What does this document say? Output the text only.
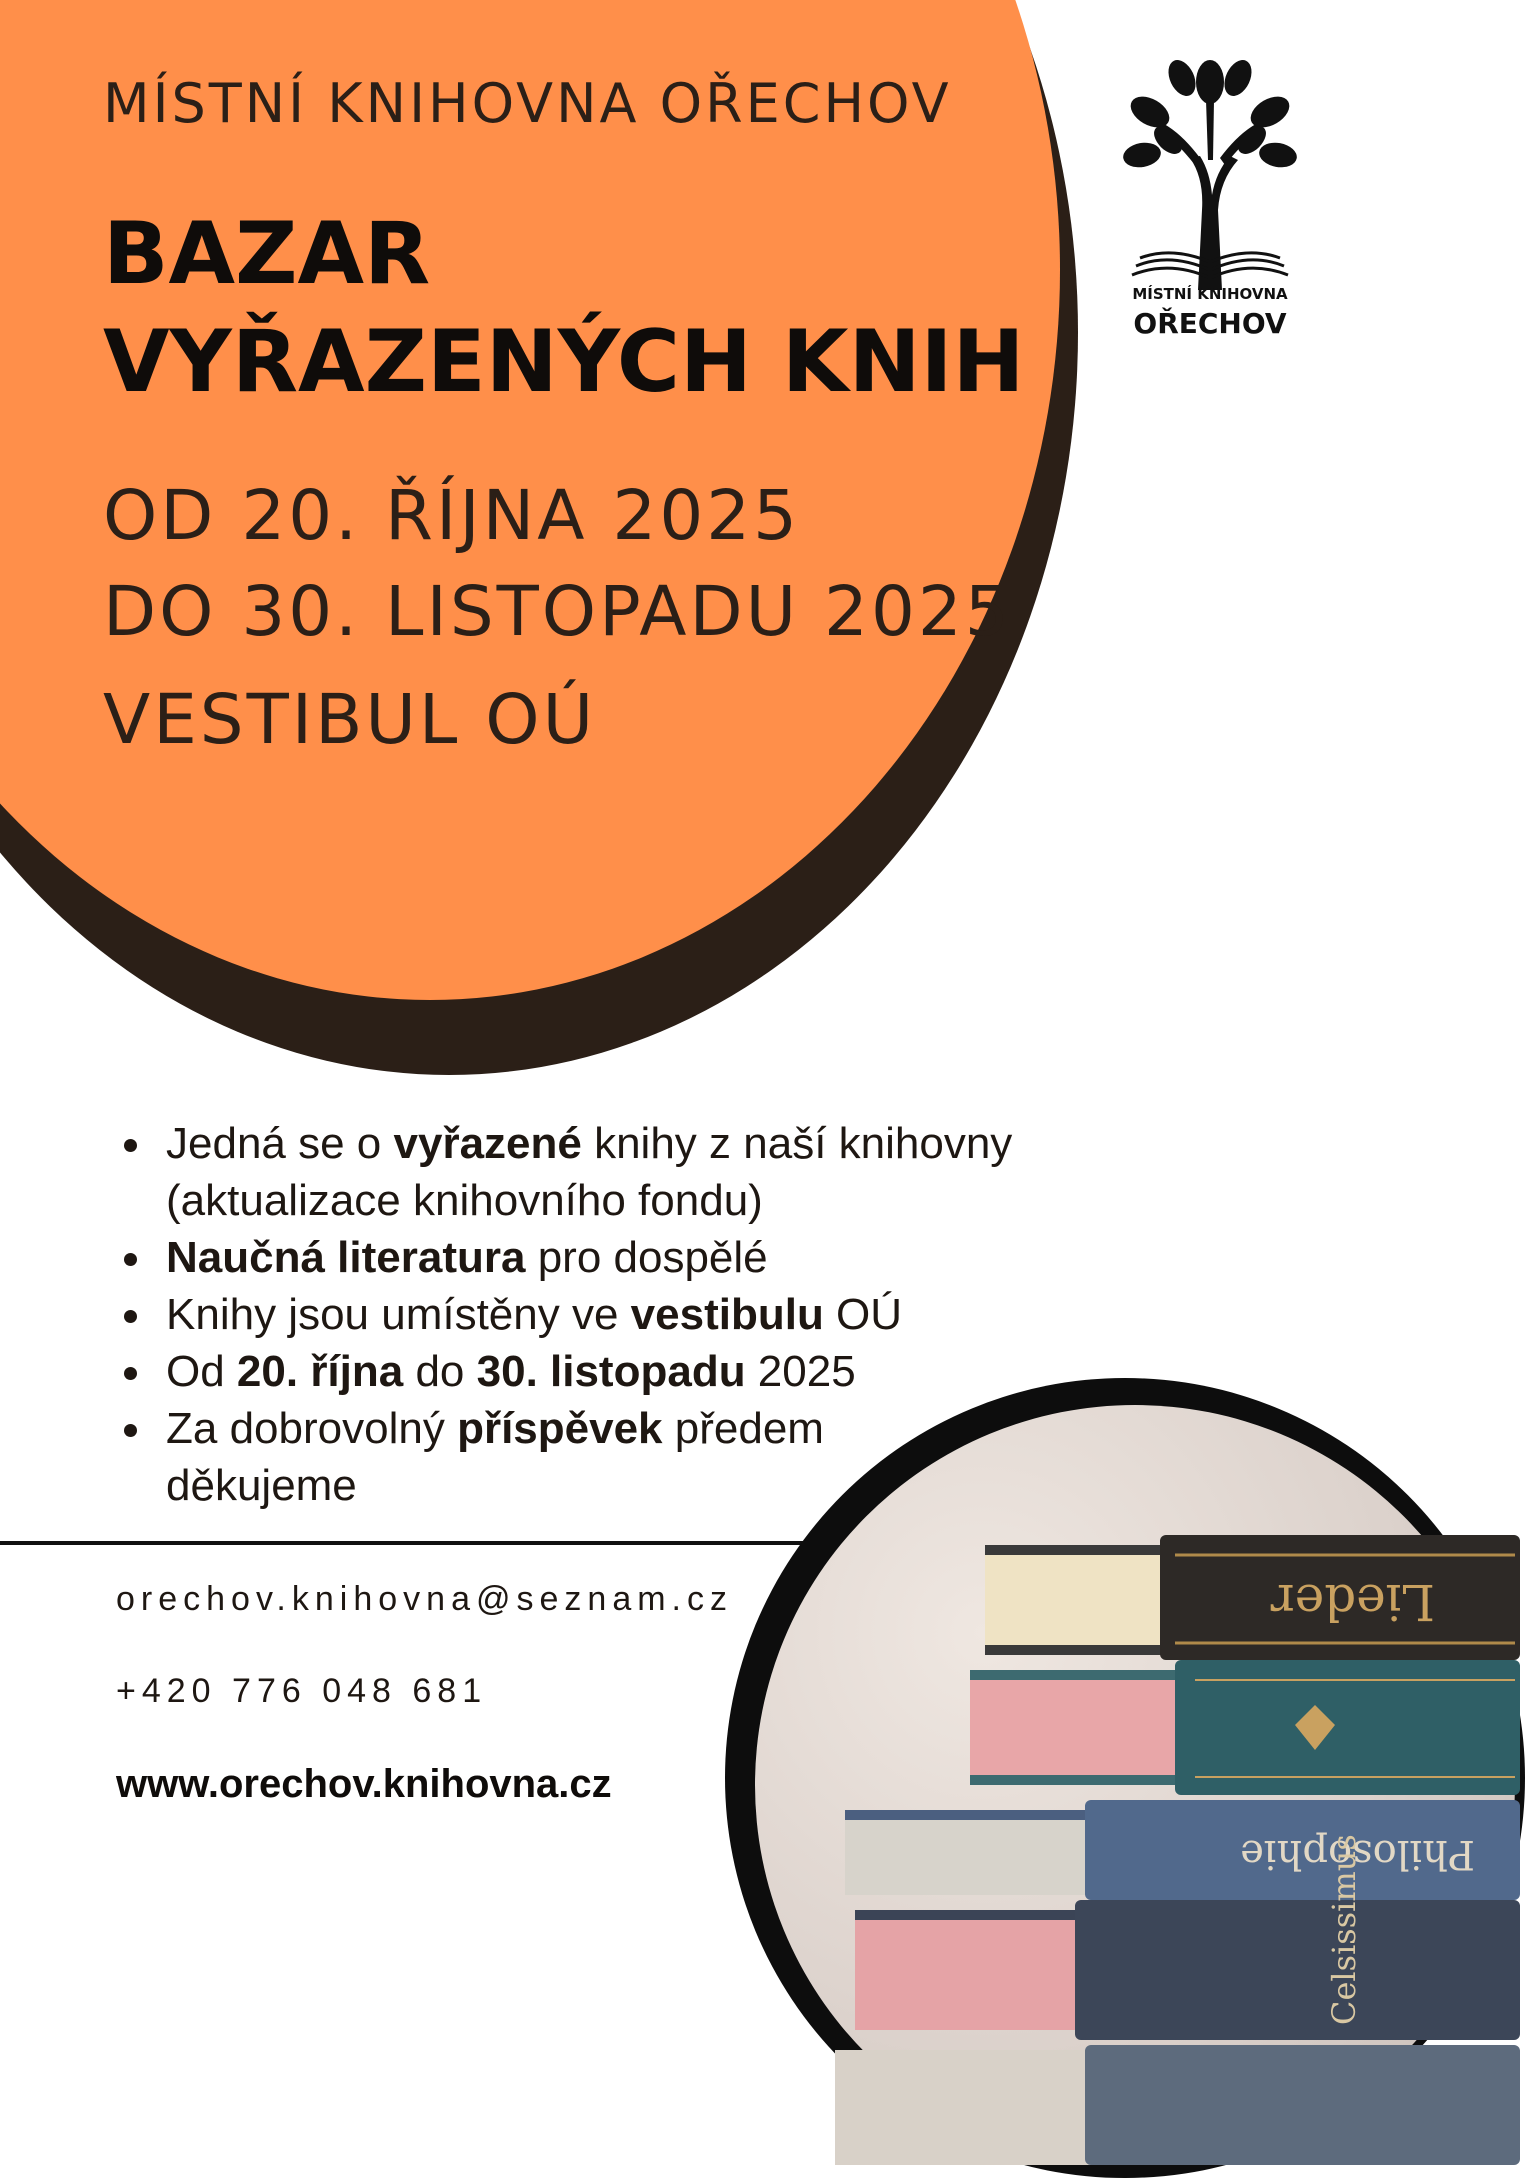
MÍSTNÍ KNIHOVNA OŘECHOV
BAZAR
VYŘAZENÝCH KNIH
OD 20. ŘÍJNA 2025
DO 30. LISTOPADU 2025
VESTIBUL OÚ
MÍSTNÍ KNIHOVNA
OŘECHOV
Jedná se o vyřazené knihy z naší knihovny (aktualizace knihovního fondu)
Naučná literatura pro dospělé
Knihy jsou umístěny ve vestibulu OÚ
Od 20. října do 30. listopadu 2025
Za dobrovolný příspěvek předem děkujeme
Lieder
Philosophie
Celsissimus
orechov.knihovna@seznam.cz
+420 776 048 681
www.orechov.knihovna.cz
